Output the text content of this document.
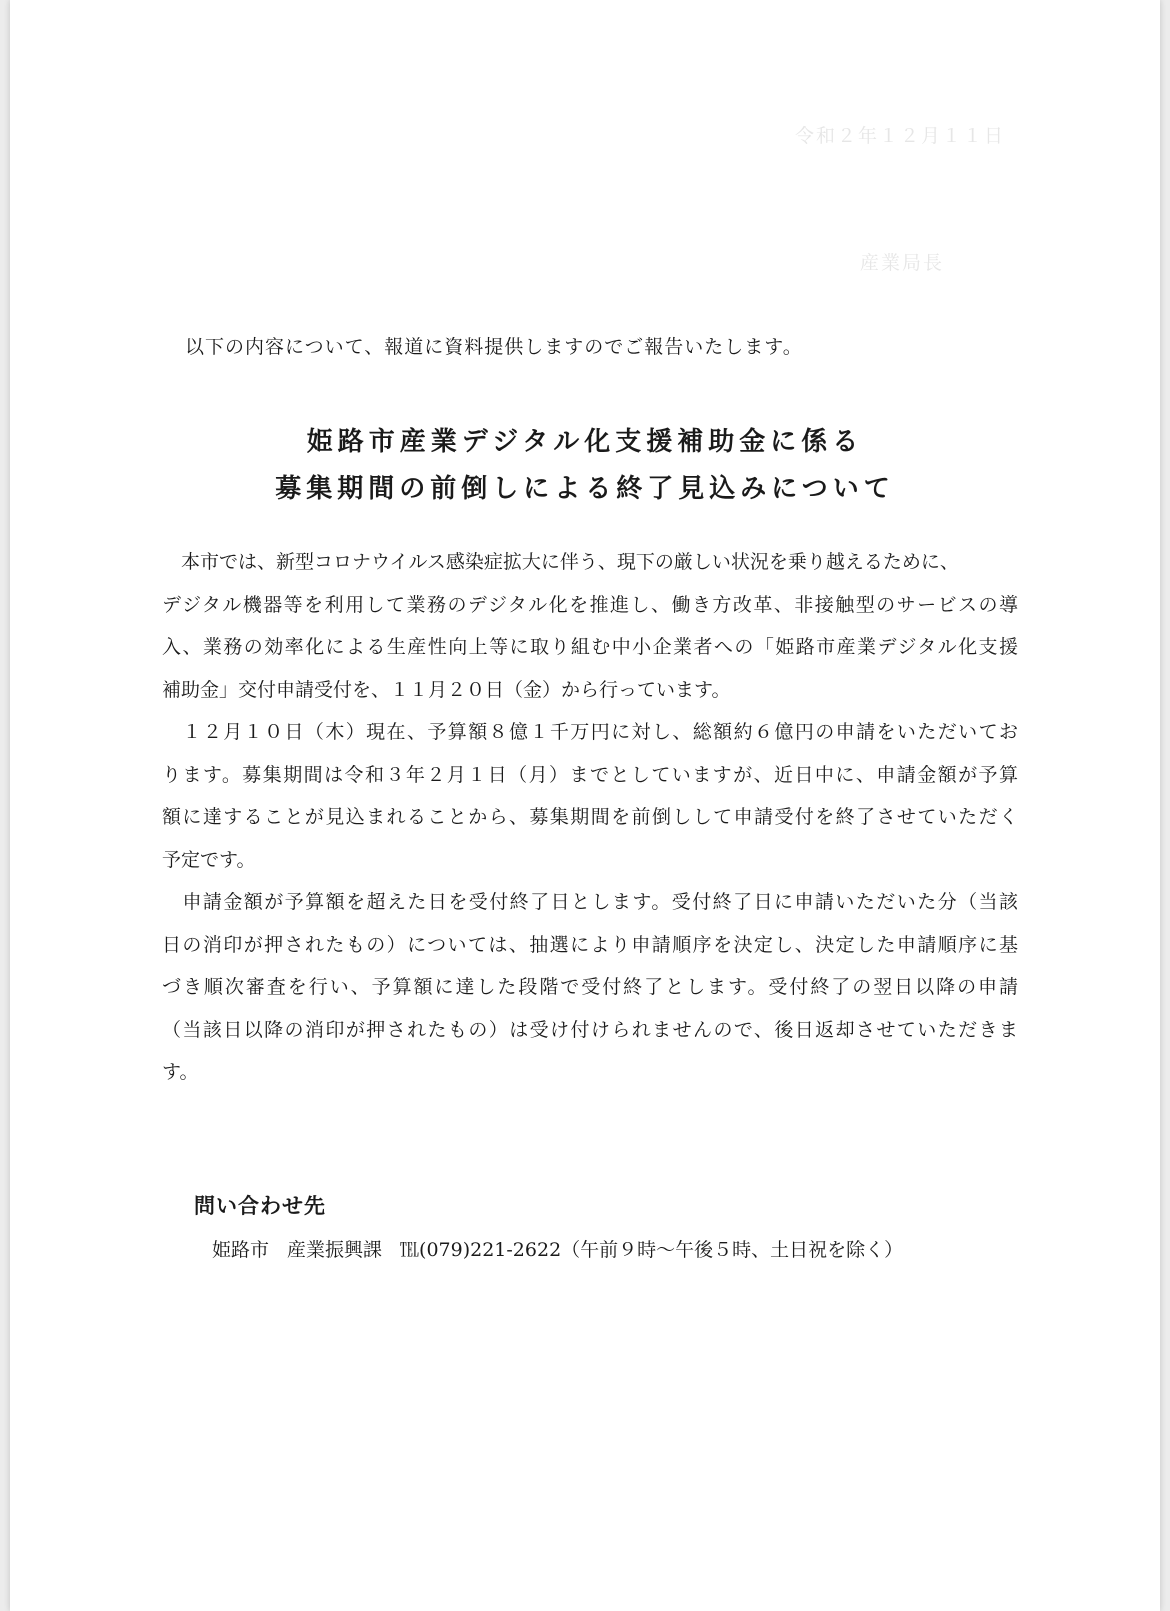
令和２年１２月１１日
産業局長
以下の内容について、報道に資料提供しますのでご報告いたします。
姫路市産業デジタル化支援補助金に係る
募集期間の前倒しによる終了見込みについて
　本市では、新型コロナウイルス感染症拡大に伴う、現下の厳しい状況を乗り越えるために、
デジタル機器等を利用して業務のデジタル化を推進し、働き方改革、非接触型のサービスの導
入、業務の効率化による生産性向上等に取り組む中小企業者への「姫路市産業デジタル化支援
補助金」交付申請受付を、１１月２０日（金）から行っています。
　１２月１０日（木）現在、予算額８億１千万円に対し、総額約６億円の申請をいただいてお
ります。募集期間は令和３年２月１日（月）までとしていますが、近日中に、申請金額が予算
額に達することが見込まれることから、募集期間を前倒しして申請受付を終了させていただく
予定です。
　申請金額が予算額を超えた日を受付終了日とします。受付終了日に申請いただいた分（当該
日の消印が押されたもの）については、抽選により申請順序を決定し、決定した申請順序に基
づき順次審査を行い、予算額に達した段階で受付終了とします。受付終了の翌日以降の申請
（当該日以降の消印が押されたもの）は受け付けられませんので、後日返却させていただきま
す。
問い合わせ先
姫路市 産業振興課 ℡(079)221-2622（午前９時～午後５時、土日祝を除く）
